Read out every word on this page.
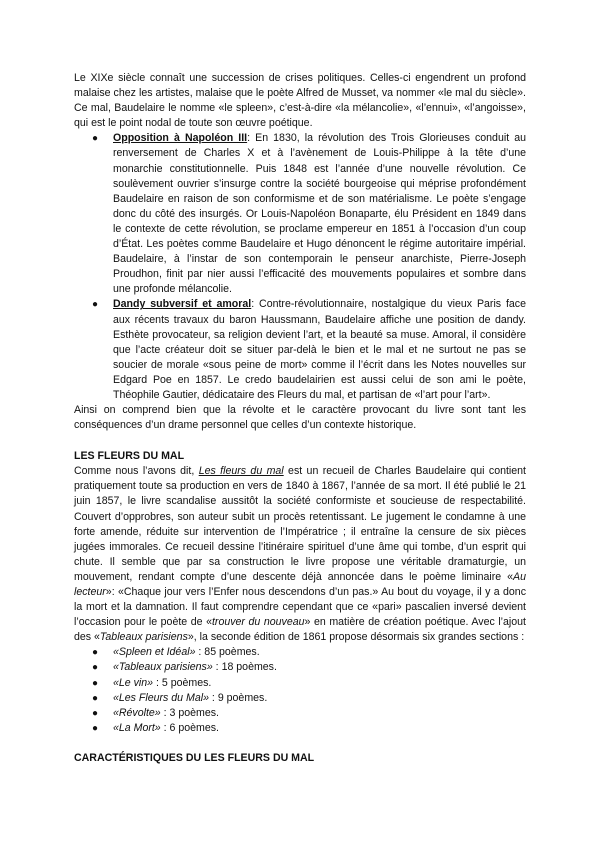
Le XIXe siècle connaît une succession de crises politiques. Celles-ci engendrent un profond malaise chez les artistes, malaise que le poète Alfred de Musset, va nommer «le mal du siècle». Ce mal, Baudelaire le nomme «le spleen», c’est-à-dire «la mélancolie», «l’ennui», «l’angoisse», qui est le point nodal de toute son œuvre poétique.

● Opposition à Napoléon III: En 1830, la révolution des Trois Glorieuses conduit au renversement de Charles X et à l’avènement de Louis-Philippe à la tête d’une monarchie constitutionnelle. Puis 1848 est l’année d’une nouvelle révolution. Ce soulèvement ouvrier s’insurge contre la société bourgeoise qui méprise profondément Baudelaire en raison de son conformisme et de son matérialisme. Le poète s’engage donc du côté des insurgés. Or Louis-Napoléon Bonaparte, élu Président en 1849 dans le contexte de cette révolution, se proclame empereur en 1851 à l’occasion d’un coup d’État. Les poètes comme Baudelaire et Hugo dénoncent le régime autoritaire impérial. Baudelaire, à l’instar de son contemporain le penseur anarchiste, Pierre-Joseph Proudhon, finit par nier aussi l’efficacité des mouvements populaires et sombre dans une profonde mélancolie.
● Dandy subversif et amoral: Contre-révolutionnaire, nostalgique du vieux Paris face aux récents travaux du baron Haussmann, Baudelaire affiche une position de dandy. Esthète provocateur, sa religion devient l’art, et la beauté sa muse. Amoral, il considère que l’acte créateur doit se situer par-delà le bien et le mal et ne surtout ne pas se soucier de morale «sous peine de mort» comme il l’écrit dans les Notes nouvelles sur Edgard Poe en 1857. Le credo baudelairien est aussi celui de son ami le poète, Théophile Gautier, dédicataire des Fleurs du mal, et partisan de «l’art pour l’art».

Ainsi on comprend bien que la révolte et le caractère provocant du livre sont tant les conséquences d’un drame personnel que celles d’un contexte historique.

LES FLEURS DU MAL

Comme nous l’avons dit, Les fleurs du mal est un recueil de Charles Baudelaire qui contient pratiquement toute sa production en vers de 1840 à 1867, l’année de sa mort. Il été publié le 21 juin 1857, le livre scandalise aussitôt la société conformiste et soucieuse de respectabilité. Couvert d’opprobres, son auteur subit un procès retentissant. Le jugement le condamne à une forte amende, réduite sur intervention de l’Impératrice ; il entraîne la censure de six pièces jugées immorales. Ce recueil dessine l’itinéraire spirituel d’une âme qui tombe, d’un esprit qui chute. Il semble que par sa construction le livre propose une véritable dramaturgie, un mouvement, rendant compte d’une descente déjà annoncée dans le poème liminaire «Au lecteur»: «Chaque jour vers l’Enfer nous descendons d’un pas.» Au bout du voyage, il y a donc la mort et la damnation. Il faut comprendre cependant que ce «pari» pascalien inversé devient l’occasion pour le poète de «trouver du nouveau» en matière de création poétique. Avec l’ajout des «Tableaux parisiens», la seconde édition de 1861 propose désormais six grandes sections :

● «Spleen et Idéal» : 85 poèmes.
● «Tableaux parisiens» : 18 poèmes.
● «Le vin» : 5 poèmes.
● «Les Fleurs du Mal» : 9 poèmes.
● «Révolte» : 3 poèmes.
● «La Mort» : 6 poèmes.

CARACTÉRISTIQUES DU LES FLEURS DU MAL
